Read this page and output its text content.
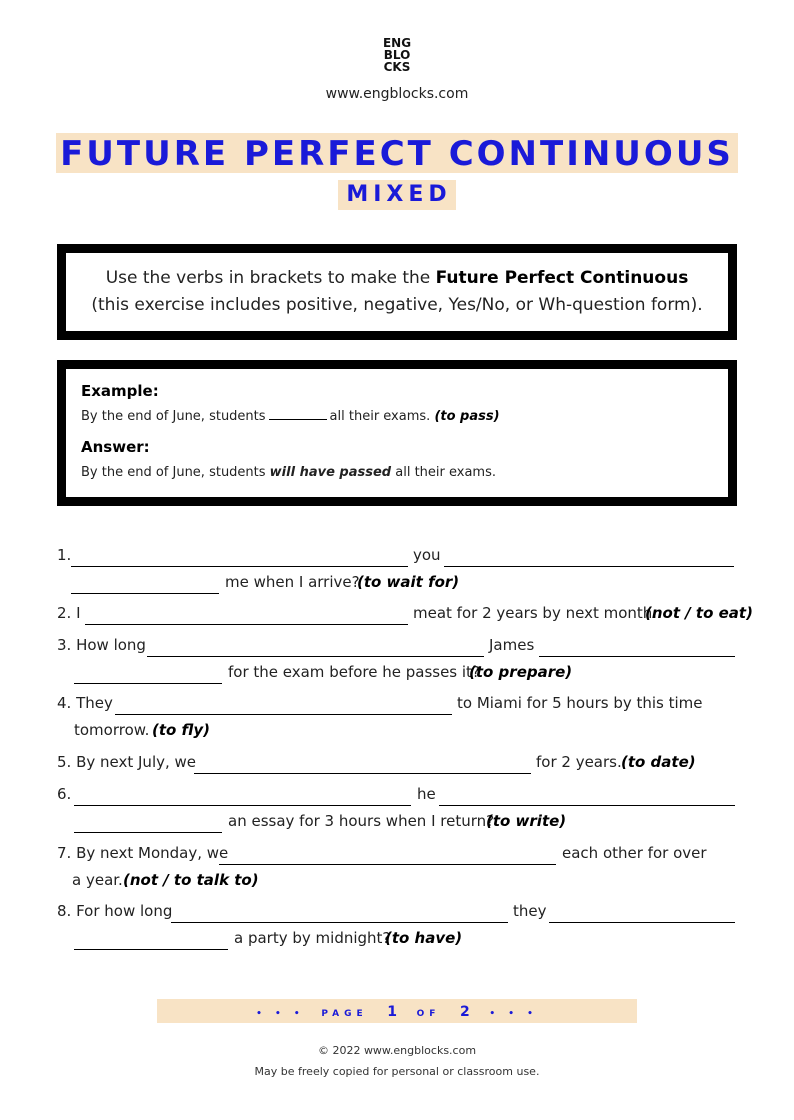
ENG
BLO
CKS
www.engblocks.com
FUTURE PERFECT CONTINUOUS
MIXED
Use the verbs in brackets to make the Future Perfect Continuous
(this exercise includes positive, negative, Yes/No, or Wh-question form).
Example:
By the end of June, students	all their exams. (to pass)
Answer:
By the end of June, students will have passed all their exams.
1.	you
me when I arrive?
(to wait for)
2. I	meat for 2 years by next month.
(not / to eat)
3. How long	James
for the exam before he passes it?
(to prepare)
4. They	to Miami for 5 hours by this time
tomorrow. (to fly)
5. By next July, we	for 2 years. (to date)
6.	he
an essay for 3 hours when I return?
(to write)
7. By next Monday, we	each other for over
a year. (not / to talk to)
8. For how long	they
a party by midnight?
(to have)
• • • PAGE 1 OF 2 • • •
© 2022 www.engblocks.com
May be freely copied for personal or classroom use.
